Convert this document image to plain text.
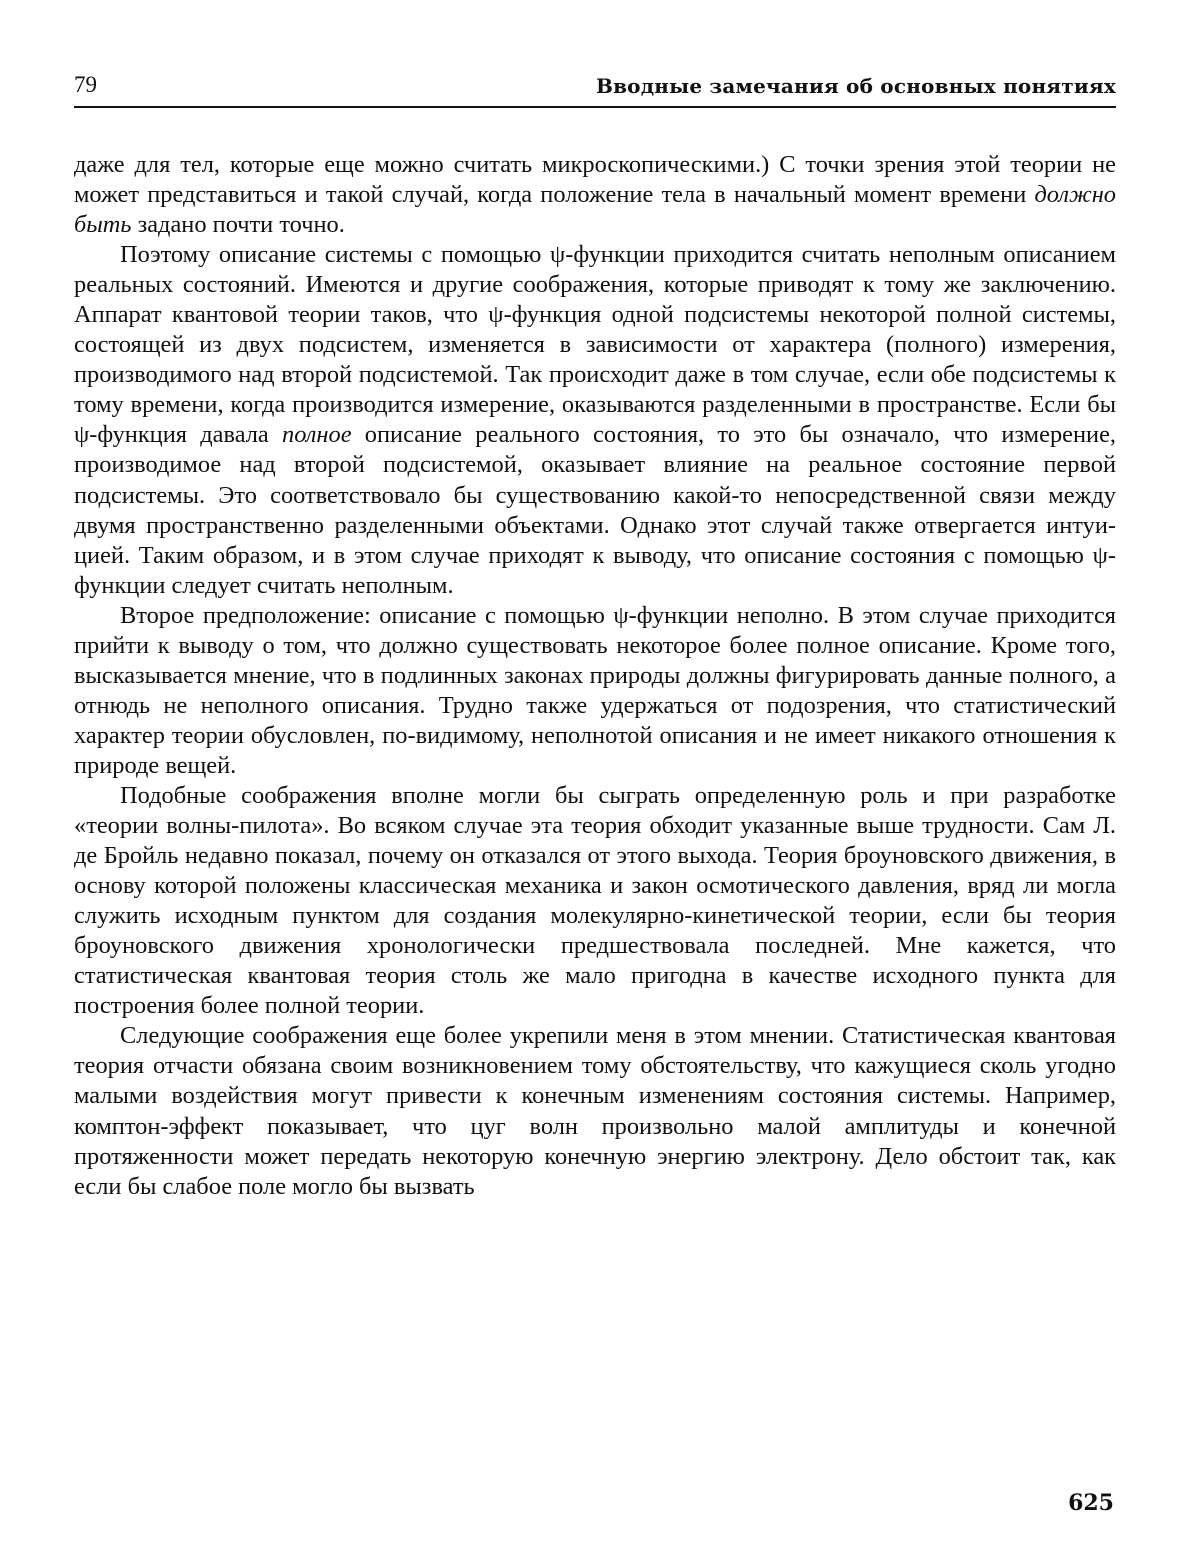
79	Вводные замечания об основных понятиях

даже для тел, которые еще можно считать микроскопическими.) С точки зрения этой теории не может представиться и такой случай, когда положение тела в начальный момент времени должно быть задано почти точно.

Поэтому описание системы с помощью ψ-функции приходится считать неполным описанием реальных состояний. Имеются и другие соображения, которые приводят к тому же заключению. Аппарат квантовой теории таков, что ψ-функция одной подсистемы некоторой полной системы, состоящей из двух подсистем, изменяется в зависимости от характера (полного) измерения, производимого над второй подсистемой. Так происходит даже в том случае, если обе подсистемы к тому времени, когда производится измерение, оказываются разделенными в пространстве. Если бы ψ-функ­ция давала полное описание реального состояния, то это бы означало, что измерение, производимое над второй подсистемой, оказывает влияние на реальное состояние первой подсистемы. Это соответствовало бы суще­ствованию какой-то непосредственной связи между двумя пространственно разделенными объектами. Однако этот случай также отвергается интуи­цией. Таким образом, и в этом случае приходят к выводу, что описание состояния с помощью ψ-функции следует считать неполным.

Второе предположение: описание с помощью ψ-функции неполно. В этом случае приходится прийти к выводу о том, что должно существовать некоторое более полное описание. Кроме того, высказывается мнение, что в подлинных законах природы должны фигурировать данные полного, а отнюдь не неполного описания. Трудно также удержаться от подозре­ния, что статистический характер теории обусловлен, по-видимому, непол­нотой описания и не имеет никакого отношения к природе вещей.

Подобные соображения вполне могли бы сыграть определенную роль и при разработке «теории волны-пилота». Во всяком случае эта тео­рия обходит указанные выше трудности. Сам Л. де Бройль недавно показал, почему он отказался от этого выхода. Теория броуновского движения, в основу которой положены классическая механика и закон осмотического давления, вряд ли могла служить исходным пунктом для создания молекулярно-кинетической теории, если бы теория броунов­ского движения хронологически предшествовала последней. Мне кажется, что статистическая квантовая теория столь же мало пригодна в качестве исходного пункта для построения более полной теории.

Следующие соображения еще более укрепили меня в этом мнении. Статистическая квантовая теория отчасти обязана своим возникновением тому обстоятельству, что кажущиеся сколь угодно малыми воздействия могут привести к конечным изменениям состояния системы. Например, комптон-эффект показывает, что цуг волн произвольно малой амплитуды и конечной протяженности может передать некоторую конечную энергию электрону. Дело обстоит так, как если бы слабое поле могло бы вызвать

625
